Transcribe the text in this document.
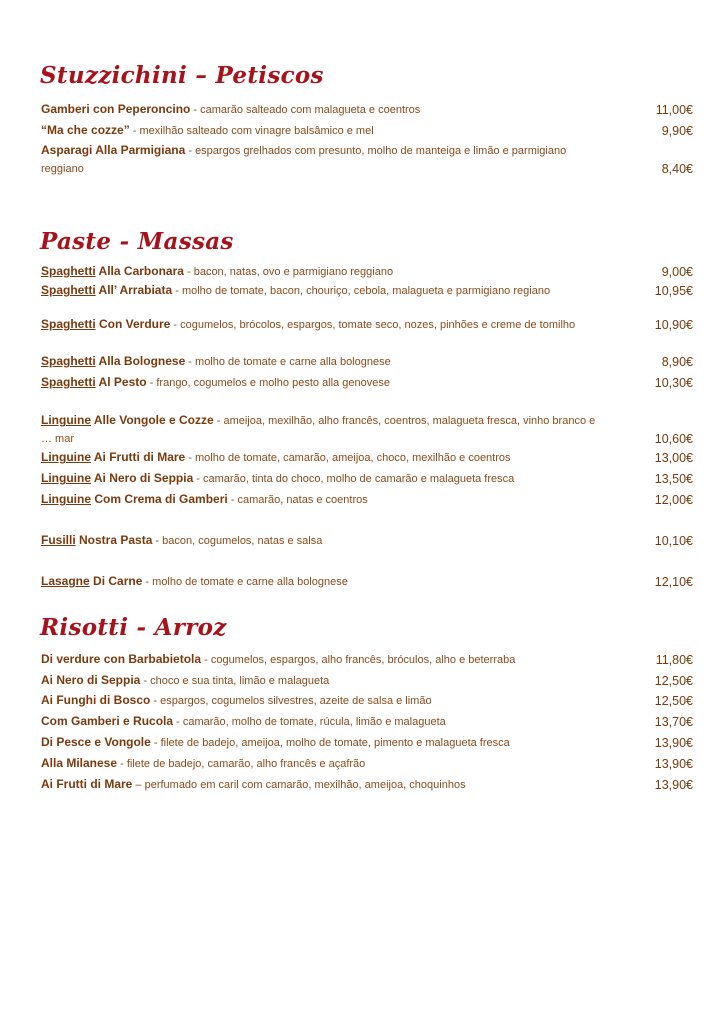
Stuzzichini – Petiscos
Gamberi con Peperoncino - camarão salteado com malagueta e coentros	11,00€
“Ma che cozze” - mexilhão salteado com vinagre balsâmico e mel	9,90€
Asparagi Alla Parmigiana - espargos grelhados com presunto, molho de manteiga e limão e parmigiano reggiano	8,40€
Paste - Massas
Spaghetti Alla Carbonara - bacon, natas, ovo e parmigiano reggiano	9,00€
Spaghetti All’ Arrabiata - molho de tomate, bacon, chouriço, cebola, malagueta e parmigiano regiano	10,95€
Spaghetti Con Verdure - cogumelos, brócolos, espargos, tomate seco, nozes, pinhões e creme de tomilho	10,90€
Spaghetti Alla Bolognese - molho de tomate e carne alla bolognese	8,90€
Spaghetti Al Pesto - frango, cogumelos e molho pesto alla genovese	10,30€
Linguine Alle Vongole e Cozze - ameijoa, mexilhão, alho francês, coentros, malagueta fresca, vinho branco e … mar	10,60€
Linguine Ai Frutti di Mare - molho de tomate, camarão, ameijoa, choco, mexilhão e coentros	13,00€
Linguine Ai Nero di Seppia - camarão, tinta do choco, molho de camarão e malagueta fresca	13,50€
Linguine Com Crema di Gamberi - camarão, natas e coentros	12,00€
Fusilli Nostra Pasta - bacon, cogumelos, natas e salsa	10,10€
Lasagne Di Carne - molho de tomate e carne alla bolognese	12,10€
Risotti - Arroz
Di verdure con Barbabietola - cogumelos, espargos, alho francês, bróculos, alho e beterraba	11,80€
Ai Nero di Seppia - choco e sua tinta, limão e malagueta	12,50€
Ai Funghi di Bosco - espargos, cogumelos silvestres, azeite de salsa e limão	12,50€
Com Gamberi e Rucola - camarão, molho de tomate, rúcula, limão e malagueta	13,70€
Di Pesce e Vongole - filete de badejo, ameijoa, molho de tomate, pimento e malagueta fresca	13,90€
Alla Milanese - filete de badejo, camarão, alho francês e açafrão	13,90€
Ai Frutti di Mare – perfumado em caril com camarão, mexilhão, ameijoa, choquinhos	13,90€
